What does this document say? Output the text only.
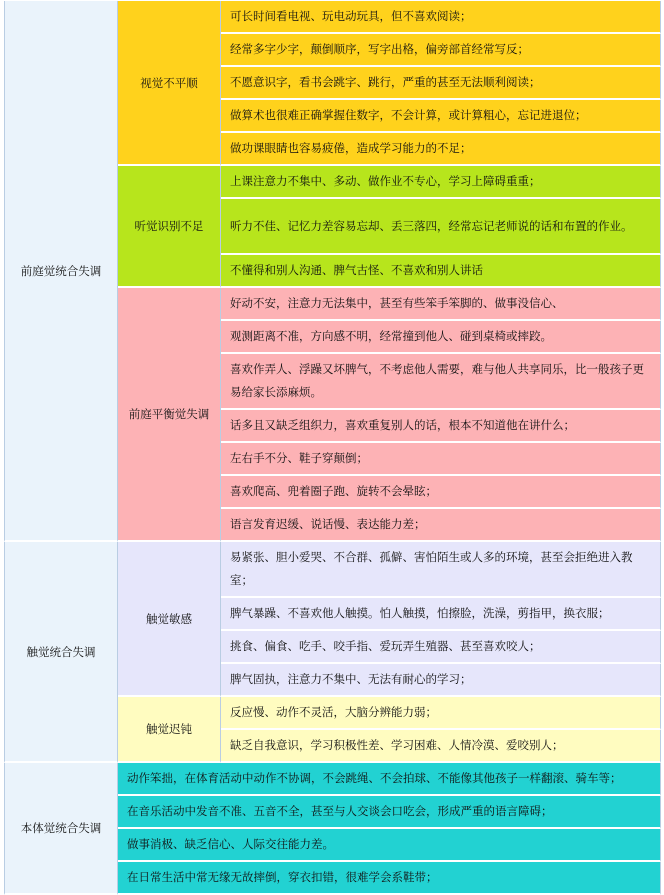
前庭觉统合失调	视觉不平顺	可长时间看电视、玩电动玩具，但不喜欢阅读；
		经常多字少字，颠倒顺序，写字出格，偏旁部首经常写反；
		不愿意识字，看书会跳字、跳行，严重的甚至无法顺利阅读；
		做算术也很难正确掌握住数字，不会计算，或计算粗心，忘记进退位；
		做功课眼睛也容易疲倦，造成学习能力的不足；
	听觉识别不足	上课注意力不集中、多动、做作业不专心，学习上障碍重重；
		听力不佳、记忆力差容易忘却、丢三落四，经常忘记老师说的话和布置的作业。
		不懂得和别人沟通、脾气古怪、不喜欢和别人讲话
	前庭平衡觉失调	好动不安，注意力无法集中，甚至有些笨手笨脚的、做事没信心、
		观测距离不准，方向感不明，经常撞到他人、碰到桌椅或摔跤。
		喜欢作弄人、浮躁又坏脾气，不考虑他人需要，难与他人共享同乐，比一般孩子更易给家长添麻烦。
		话多且又缺乏组织力，喜欢重复别人的话，根本不知道他在讲什么；
		左右手不分、鞋子穿颠倒；
		喜欢爬高、兜着圈子跑、旋转不会晕眩；
		语言发育迟缓、说话慢、表达能力差；
触觉统合失调	触觉敏感	易紧张、胆小爱哭、不合群、孤僻、害怕陌生或人多的环境，甚至会拒绝进入教室；
		脾气暴躁、不喜欢他人触摸。怕人触摸，怕擦脸，洗澡，剪指甲，换衣服；
		挑食、偏食、吃手、咬手指、爱玩弄生殖器、甚至喜欢咬人；
		脾气固执，注意力不集中、无法有耐心的学习；
	触觉迟钝	反应慢、动作不灵活，大脑分辨能力弱；
		缺乏自我意识，学习积极性差、学习困难、人情冷漠、爱咬别人；
本体觉统合失调	动作笨拙，在体育活动中动作不协调，不会跳绳、不会拍球、不能像其他孩子一样翻滚、骑车等；	
	在音乐活动中发音不准、五音不全，甚至与人交谈会口吃会，形成严重的语言障碍；	
	做事消极、缺乏信心、人际交往能力差。	
	在日常生活中常无缘无故摔倒，穿衣扣错，很难学会系鞋带；	
